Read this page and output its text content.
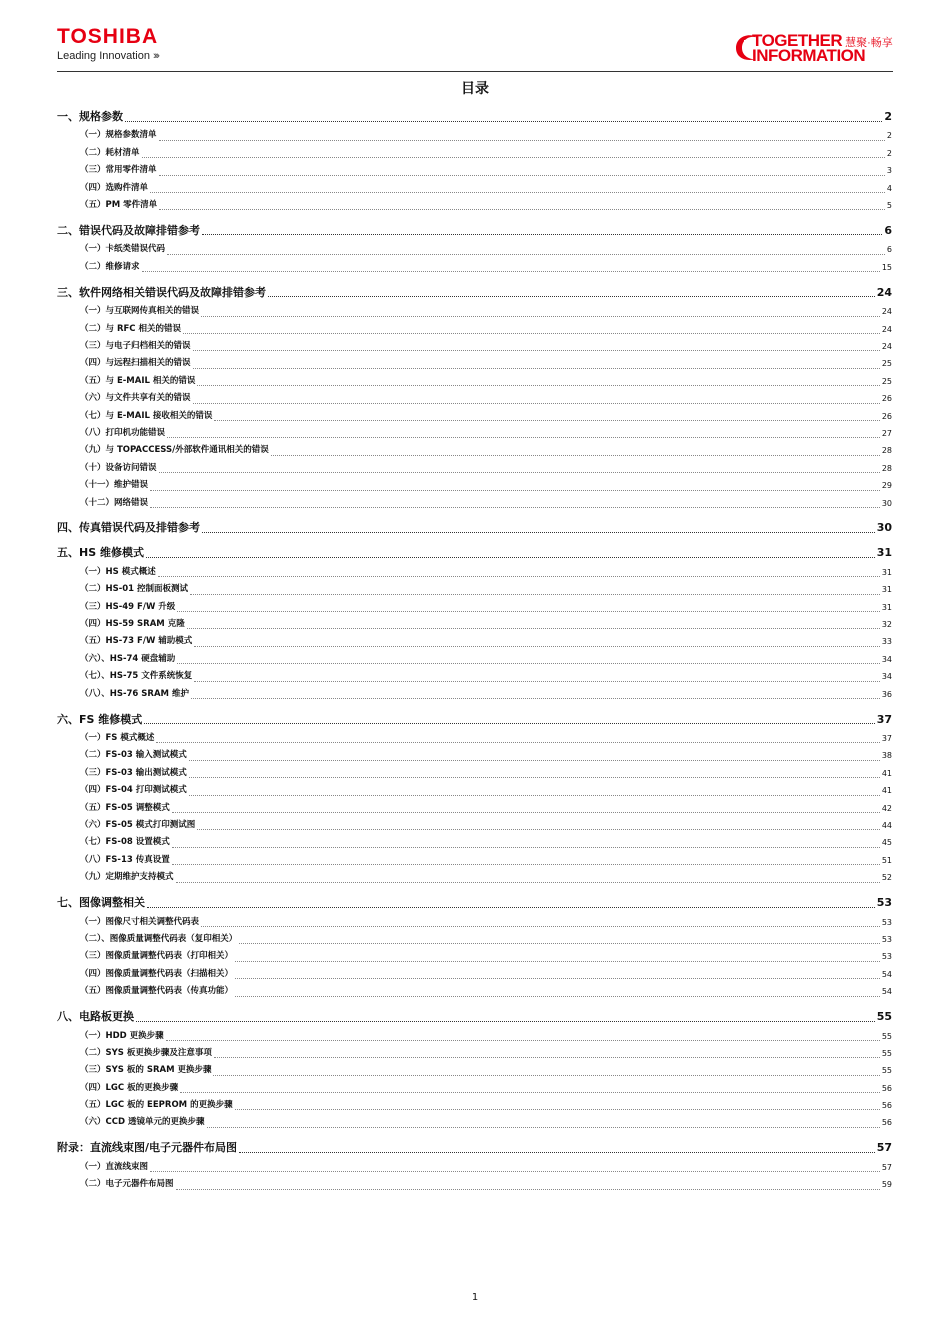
TOSHIBA
Leading Innovation ›››
TOGETHER 慧聚·畅享
INFORMATION
目录
一、规格参数	2
（一）规格参数清单	2
（二）耗材清单	2
（三）常用零件清单	3
（四）选购件清单	4
（五）PM 零件清单	5
二、错误代码及故障排错参考	6
（一）卡纸类错误代码	6
（二）维修请求	15
三、软件网络相关错误代码及故障排错参考	24
（一）与互联网传真相关的错误	24
（二）与 RFC 相关的错误	24
（三）与电子归档相关的错误	24
（四）与远程扫描相关的错误	25
（五）与 E-MAIL 相关的错误	25
（六）与文件共享有关的错误	26
（七）与 E-MAIL 接收相关的错误	26
（八）打印机功能错误	27
（九）与 TOPACCESS/外部软件通讯相关的错误	28
（十）设备访问错误	28
（十一）维护错误	29
（十二）网络错误	30
四、传真错误代码及排错参考	30
五、HS 维修模式	31
（一）HS 模式概述	31
（二）HS-01 控制面板测试	31
（三）HS-49 F/W 升级	31
（四）HS-59 SRAM 克隆	32
（五）HS-73 F/W 辅助模式	33
（六）、HS-74 硬盘辅助	34
（七）、HS-75 文件系统恢复	34
（八）、HS-76 SRAM 维护	36
六、FS 维修模式	37
（一）FS 模式概述	37
（二）FS-03 输入测试模式	38
（三）FS-03 输出测试模式	41
（四）FS-04 打印测试模式	41
（五）FS-05 调整模式	42
（六）FS-05 模式打印测试图	44
（七）FS-08 设置模式	45
（八）FS-13 传真设置	51
（九）定期维护支持模式	52
七、图像调整相关	53
（一）图像尺寸相关调整代码表	53
（二）、图像质量调整代码表（复印相关）	53
（三）图像质量调整代码表（打印相关）	53
（四）图像质量调整代码表（扫描相关）	54
（五）图像质量调整代码表（传真功能）	54
八、电路板更换	55
（一）HDD 更换步骤	55
（二）SYS 板更换步骤及注意事项	55
（三）SYS 板的 SRAM 更换步骤	55
（四）LGC 板的更换步骤	56
（五）LGC 板的 EEPROM 的更换步骤	56
（六）CCD 透镜单元的更换步骤	56
附录：直流线束图/电子元器件布局图	57
（一）直流线束图	57
（二）电子元器件布局图	59
1
